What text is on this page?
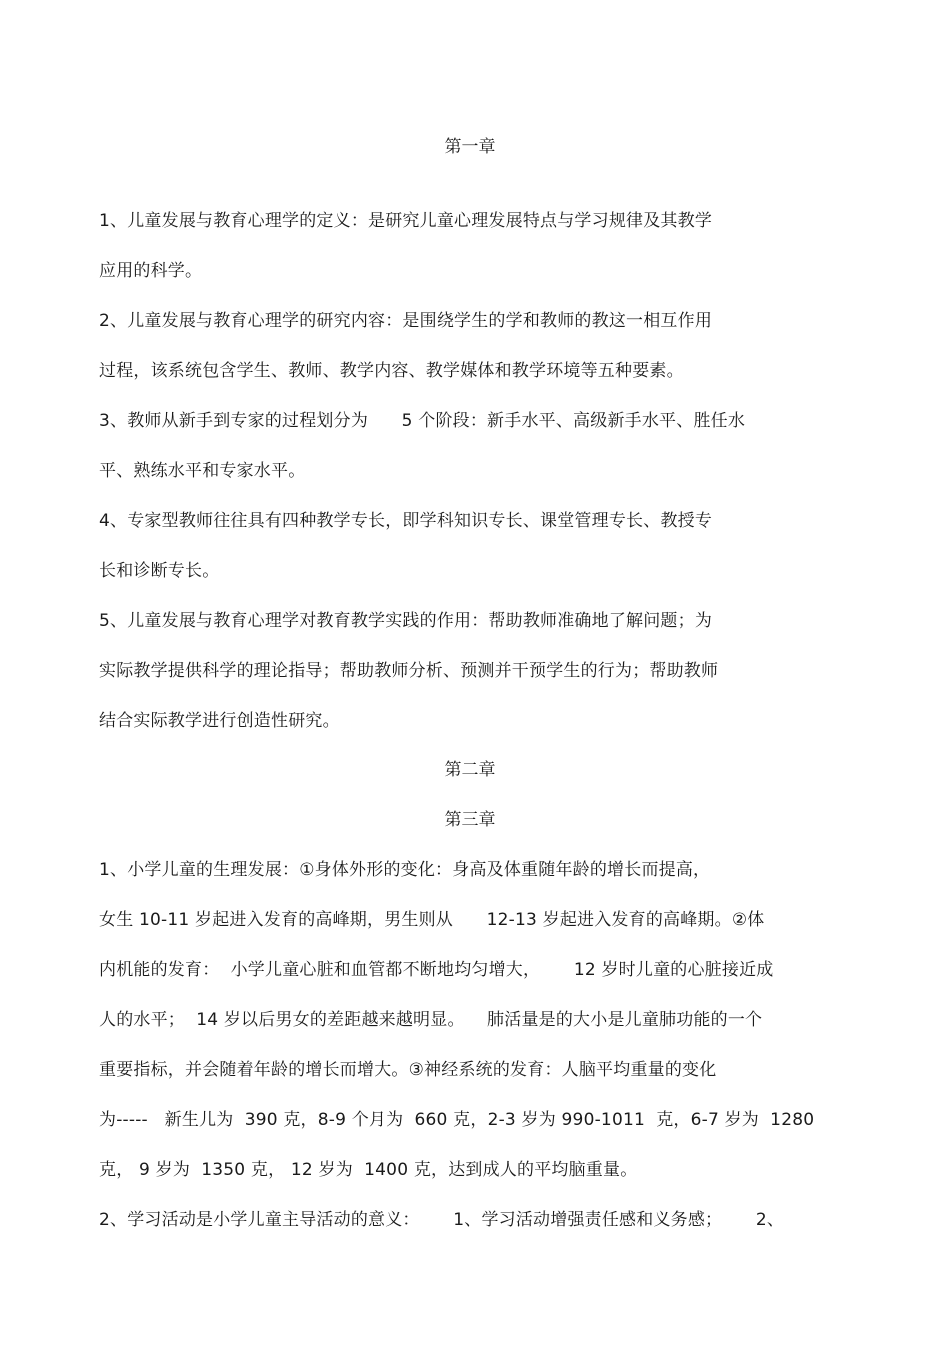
第一章
1、儿童发展与教育心理学的定义：是研究儿童心理发展特点与学习规律及其教学
应用的科学。
2、儿童发展与教育心理学的研究内容：是围绕学生的学和教师的教这一相互作用
过程，该系统包含学生、教师、教学内容、教学媒体和教学环境等五种要素。
3、教师从新手到专家的过程划分为      5 个阶段：新手水平、高级新手水平、胜任水
平、熟练水平和专家水平。
4、专家型教师往往具有四种教学专长，即学科知识专长、课堂管理专长、教授专
长和诊断专长。
5、儿童发展与教育心理学对教育教学实践的作用：帮助教师准确地了解问题；为
实际教学提供科学的理论指导；帮助教师分析、预测并干预学生的行为；帮助教师
结合实际教学进行创造性研究。
第二章
第三章
1、小学儿童的生理发展：①身体外形的变化：身高及体重随年龄的增长而提高，
女生 10-11 岁起进入发育的高峰期，男生则从      12-13 岁起进入发育的高峰期。②体
内机能的发育：  小学儿童心脏和血管都不断地均匀增大，      12 岁时儿童的心脏接近成
人的水平；  14 岁以后男女的差距越来越明显。    肺活量是的大小是儿童肺功能的一个
重要指标，并会随着年龄的增长而增大。③神经系统的发育：人脑平均重量的变化
为-----   新生儿为  390 克，8-9 个月为  660 克，2-3 岁为 990-1011  克，6-7 岁为  1280
克， 9 岁为  1350 克， 12 岁为  1400 克，达到成人的平均脑重量。
2、学习活动是小学儿童主导活动的意义：      1、学习活动增强责任感和义务感；      2、
